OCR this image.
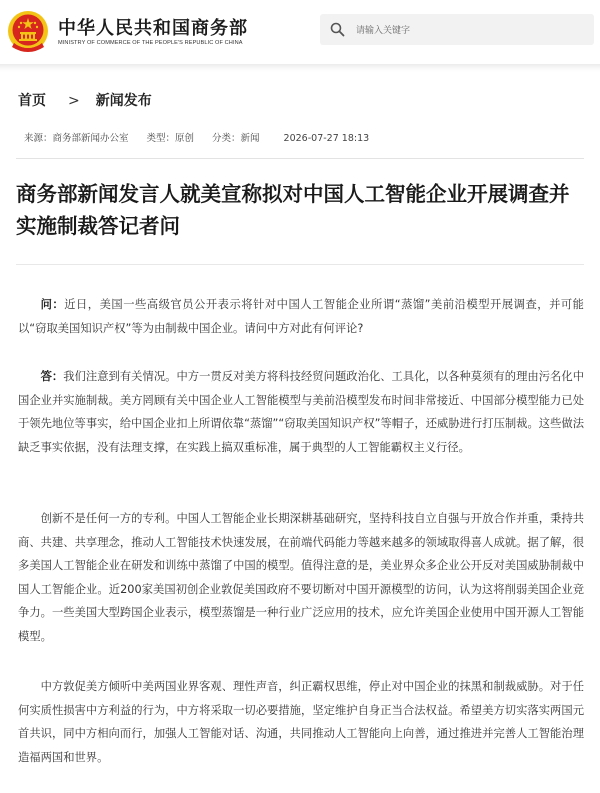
中华人民共和国商务部
MINISTRY OF COMMERCE OF THE PEOPLE'S REPUBLIC OF CHINA
请输入关键字
首页 > 新闻发布
来源：商务部新闻办公室 类型：原创 分类：新闻	2026-07-27 18:13
商务部新闻发言人就美宣称拟对中国人工智能企业开展调查并实施制裁答记者问

问：近日，美国一些高级官员公开表示将针对中国人工智能企业所谓“蒸馏”美前沿模型开展调查，并可能以“窃取美国知识产权”等为由制裁中国企业。请问中方对此有何评论?

答：我们注意到有关情况。中方一贯反对美方将科技经贸问题政治化、工具化，以各种莫须有的理由污名化中国企业并实施制裁。美方罔顾有关中国企业人工智能模型与美前沿模型发布时间非常接近、中国部分模型能力已处于领先地位等事实，给中国企业扣上所谓依靠“蒸馏”“窃取美国知识产权”等帽子，还威胁进行打压制裁。这些做法缺乏事实依据，没有法理支撑，在实践上搞双重标准，属于典型的人工智能霸权主义行径。

创新不是任何一方的专利。中国人工智能企业长期深耕基础研究，坚持科技自立自强与开放合作并重，秉持共商、共建、共享理念，推动人工智能技术快速发展，在前端代码能力等越来越多的领域取得喜人成就。据了解，很多美国人工智能企业在研发和训练中蒸馏了中国的模型。值得注意的是，美业界众多企业公开反对美国威胁制裁中国人工智能企业。近200家美国初创企业敦促美国政府不要切断对中国开源模型的访问，认为这将削弱美国企业竞争力。一些美国大型跨国企业表示，模型蒸馏是一种行业广泛应用的技术，应允许美国企业使用中国开源人工智能模型。

中方敦促美方倾听中美两国业界客观、理性声音，纠正霸权思维，停止对中国企业的抹黑和制裁威胁。对于任何实质性损害中方利益的行为，中方将采取一切必要措施，坚定维护自身正当合法权益。希望美方切实落实两国元首共识，同中方相向而行，加强人工智能对话、沟通，共同推动人工智能向上向善，通过推进并完善人工智能治理造福两国和世界。
